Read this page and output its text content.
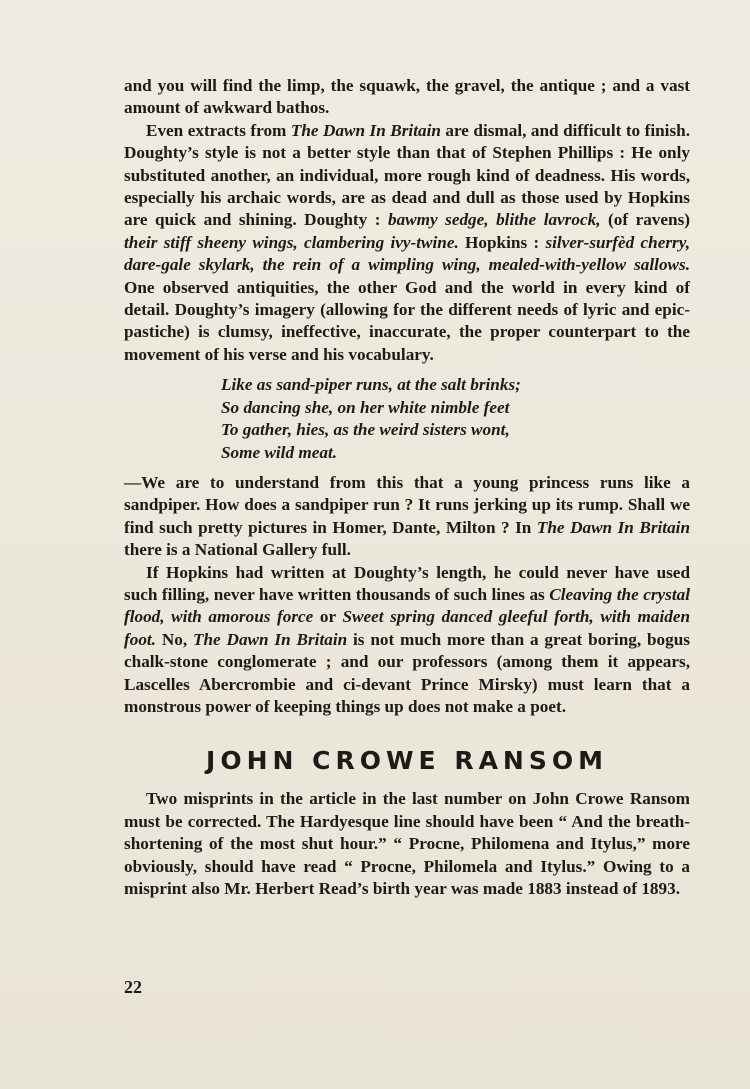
and you will find the limp, the squawk, the gravel, the antique ; and a vast amount of awkward bathos.

Even extracts from The Dawn In Britain are dismal, and difficult to finish. Doughty’s style is not a better style than that of Stephen Phillips : He only substituted another, an individual, more rough kind of deadness. His words, especially his archaic words, are as dead and dull as those used by Hopkins are quick and shining. Doughty : bawmy sedge, blithe lavrock, (of ravens) their stiff sheeny wings, clambering ivy-twine. Hopkins : silver-surfèd cherry, dare-gale skylark, the rein of a wimpling wing, mealed-with-yellow sallows. One observed antiquities, the other God and the world in every kind of detail. Doughty’s imagery (allowing for the different needs of lyric and epic-pastiche) is clumsy, ineffective, inaccurate, the proper counterpart to the movement of his verse and his vocabulary.

Like as sand-piper runs, at the salt brinks;
So dancing she, on her white nimble feet
To gather, hies, as the weird sisters wont,
Some wild meat.

—We are to understand from this that a young princess runs like a sandpiper. How does a sandpiper run ? It runs jerking up its rump. Shall we find such pretty pictures in Homer, Dante, Milton ? In The Dawn In Britain there is a National Gallery full.

If Hopkins had written at Doughty’s length, he could never have used such filling, never have written thousands of such lines as Cleaving the crystal flood, with amorous force or Sweet spring danced gleeful forth, with maiden foot. No, The Dawn In Britain is not much more than a great boring, bogus chalk-stone conglomerate ; and our professors (among them it appears, Lascelles Abercrombie and ci-devant Prince Mirsky) must learn that a monstrous power of keeping things up does not make a poet.

JOHN CROWE RANSOM

Two misprints in the article in the last number on John Crowe Ransom must be corrected. The Hardyesque line should have been “ And the breath-shortening of the most shut hour.” “ Procne, Philomena and Itylus,” more obviously, should have read “ Procne, Philomela and Itylus.” Owing to a misprint also Mr. Herbert Read’s birth year was made 1883 instead of 1893.

22
